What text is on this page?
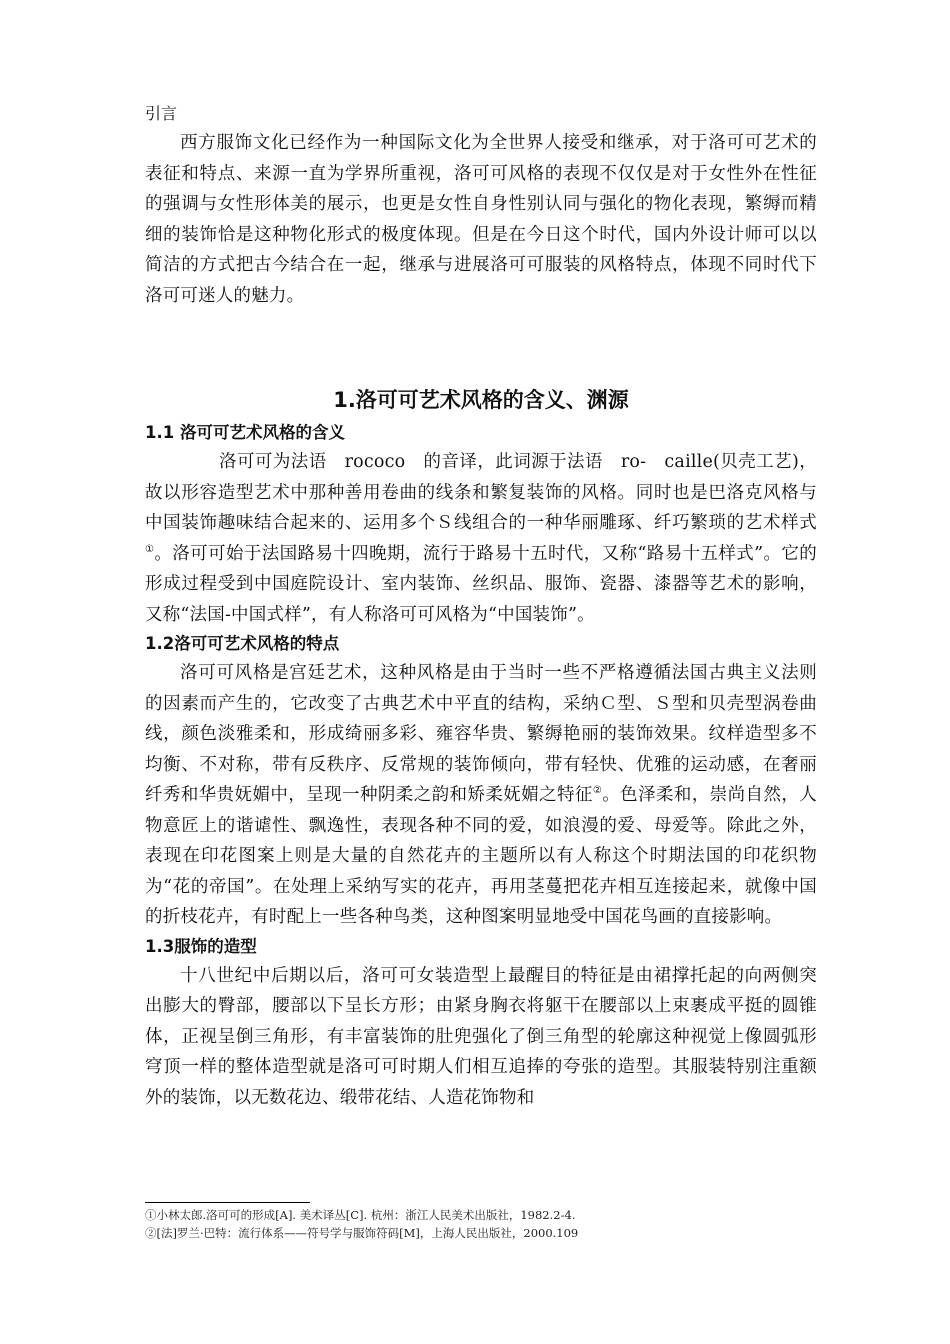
引言

西方服饰文化已经作为一种国际文化为全世界人接受和继承，对于洛可可艺术的表征和特点、来源一直为学界所重视，洛可可风格的表现不仅仅是对于女性外在性征的强调与女性形体美的展示，也更是女性自身性别认同与强化的物化表现，繁缛而精细的装饰恰是这种物化形式的极度体现。但是在今日这个时代，国内外设计师可以以简洁的方式把古今结合在一起，继承与进展洛可可服装的风格特点，体现不同时代下洛可可迷人的魅力。

1.洛可可艺术风格的含义、渊源
1.1 洛可可艺术风格的含义

洛可可为法语　rococo　的音译，此词源于法语　ro-　caille(贝壳工艺)，故以形容造型艺术中那种善用卷曲的线条和繁复装饰的风格。同时也是巴洛克风格与中国装饰趣味结合起来的、运用多个Ｓ线组合的一种华丽雕琢、纤巧繁琐的艺术样式①。洛可可始于法国路易十四晚期，流行于路易十五时代，又称“路易十五样式”。它的形成过程受到中国庭院设计、室内装饰、丝织品、服饰、瓷器、漆器等艺术的影响，又称“法国-中国式样”，有人称洛可可风格为“中国装饰”。

1.2洛可可艺术风格的特点

洛可可风格是宫廷艺术，这种风格是由于当时一些不严格遵循法国古典主义法则的因素而产生的，它改变了古典艺术中平直的结构，采纳Ｃ型、Ｓ型和贝壳型涡卷曲线，颜色淡雅柔和，形成绮丽多彩、雍容华贵、繁缛艳丽的装饰效果。纹样造型多不均衡、不对称，带有反秩序、反常规的装饰倾向，带有轻快、优雅的运动感，在奢丽纤秀和华贵妩媚中，呈现一种阴柔之韵和矫柔妩媚之特征②。色泽柔和，崇尚自然，人物意匠上的谐谑性、飘逸性，表现各种不同的爱，如浪漫的爱、母爱等。除此之外，表现在印花图案上则是大量的自然花卉的主题所以有人称这个时期法国的印花织物为“花的帝国”。在处理上采纳写实的花卉，再用茎蔓把花卉相互连接起来，就像中国的折枝花卉，有时配上一些各种鸟类，这种图案明显地受中国花鸟画的直接影响。

1.3服饰的造型

十八世纪中后期以后，洛可可女装造型上最醒目的特征是由裙撑托起的向两侧突出膨大的臀部，腰部以下呈长方形；由紧身胸衣将躯干在腰部以上束裹成平挺的圆锥体，正视呈倒三角形，有丰富装饰的肚兜强化了倒三角型的轮廓这种视觉上像圆弧形穹顶一样的整体造型就是洛可可时期人们相互追捧的夸张的造型。其服装特别注重额外的装饰，以无数花边、缎带花结、人造花饰物和

①小林太郎.洛可可的形成[A]. 美术译丛[C]. 杭州：浙江人民美术出版社，1982.2-4.

②[法]罗兰·巴特：流行体系——符号学与服饰符码[M]，上海人民出版社，2000.109
